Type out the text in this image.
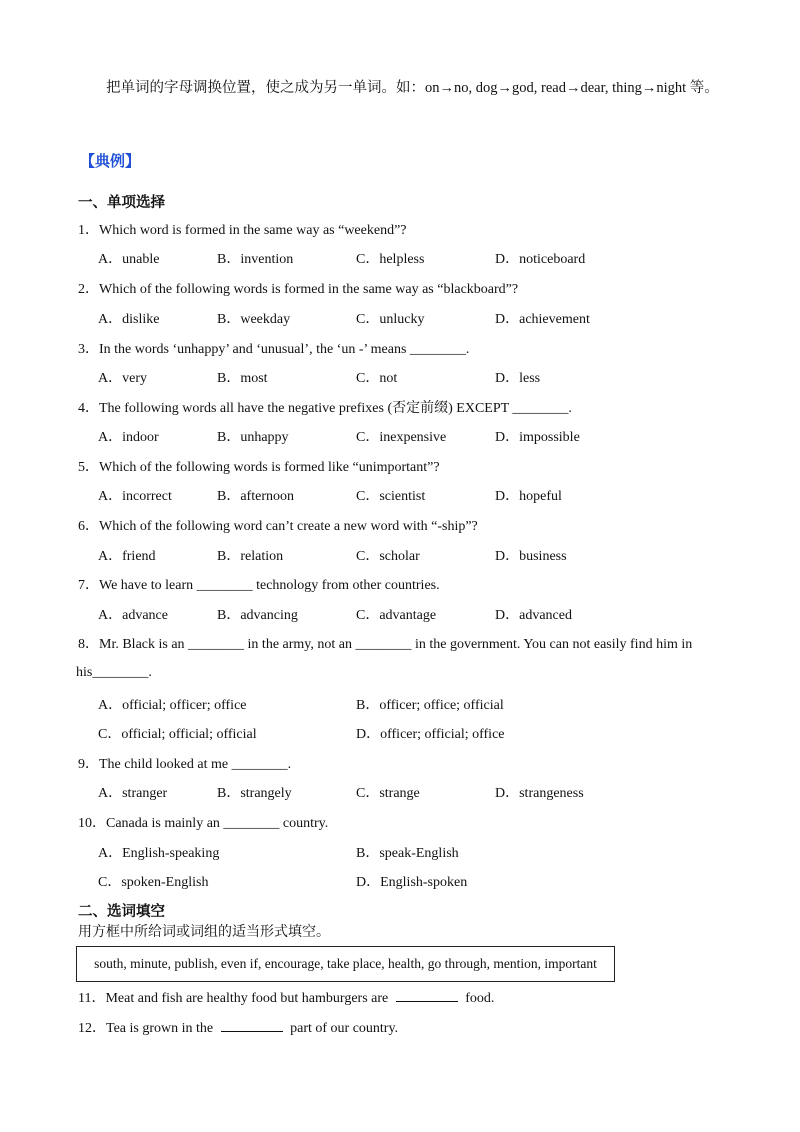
把单词的字母调换位置，使之成为另一单词。如：on→no, dog→god, read→dear, thing→night 等。
【典例】
一、单项选择
1．Which word is formed in the same way as “weekend”?
A．unable	B．invention	C．helpless	D．noticeboard
2．Which of the following words is formed in the same way as “blackboard”?
A．dislike	B．weekday	C．unlucky	D．achievement
3．In the words ‘unhappy’ and ‘unusual’, the ‘un -’ means ________.
A．very	B．most	C．not	D．less
4．The following words all have the negative prefixes (否定前缀) EXCEPT ________.
A．indoor	B．unhappy	C．inexpensive	D．impossible
5．Which of the following words is formed like “unimportant”?
A．incorrect	B．afternoon	C．scientist	D．hopeful
6．Which of the following word can’t create a new word with “-ship”?
A．friend	B．relation	C．scholar	D．business
7．We have to learn ________ technology from other countries.
A．advance	B．advancing	C．advantage	D．advanced
8．Mr. Black is an ________ in the army, not an ________ in the government. You can not easily find him in
his________.
A．official; officer; office	B．officer; office; official
C．official; official; official	D．officer; official; office
9．The child looked at me ________.
A．stranger	B．strangely	C．strange	D．strangeness
10．Canada is mainly an ________ country.
A．English-speaking	B．speak-English
C．spoken-English	D．English-spoken
二、选词填空
用方框中所给词或词组的适当形式填空。
south, minute, publish, even if, encourage, take place, health, go through, mention, important
11．Meat and fish are healthy food but hamburgers are	food.
12．Tea is grown in the	part of our country.
